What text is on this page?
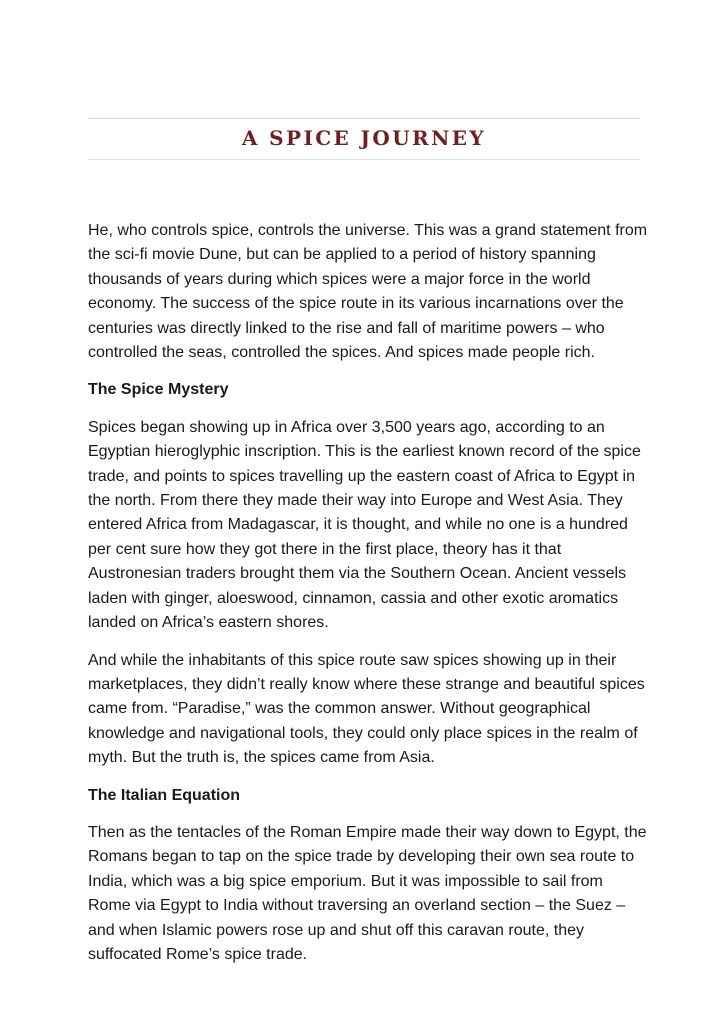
A SPICE JOURNEY

He, who controls spice, controls the universe. This was a grand statement from the sci-fi movie Dune, but can be applied to a period of history spanning thousands of years during which spices were a major force in the world economy. The success of the spice route in its various incarnations over the centuries was directly linked to the rise and fall of maritime powers – who controlled the seas, controlled the spices. And spices made people rich.

The Spice Mystery

Spices began showing up in Africa over 3,500 years ago, according to an Egyptian hieroglyphic inscription. This is the earliest known record of the spice trade, and points to spices travelling up the eastern coast of Africa to Egypt in the north. From there they made their way into Europe and West Asia. They entered Africa from Madagascar, it is thought, and while no one is a hundred per cent sure how they got there in the first place, theory has it that Austronesian traders brought them via the Southern Ocean. Ancient vessels laden with ginger, aloeswood, cinnamon, cassia and other exotic aromatics landed on Africa’s eastern shores.

And while the inhabitants of this spice route saw spices showing up in their marketplaces, they didn’t really know where these strange and beautiful spices came from. “Paradise,” was the common answer. Without geographical knowledge and navigational tools, they could only place spices in the realm of myth. But the truth is, the spices came from Asia.

The Italian Equation

Then as the tentacles of the Roman Empire made their way down to Egypt, the Romans began to tap on the spice trade by developing their own sea route to India, which was a big spice emporium. But it was impossible to sail from Rome via Egypt to India without traversing an overland section – the Suez – and when Islamic powers rose up and shut off this caravan route, they suffocated Rome’s spice trade.
